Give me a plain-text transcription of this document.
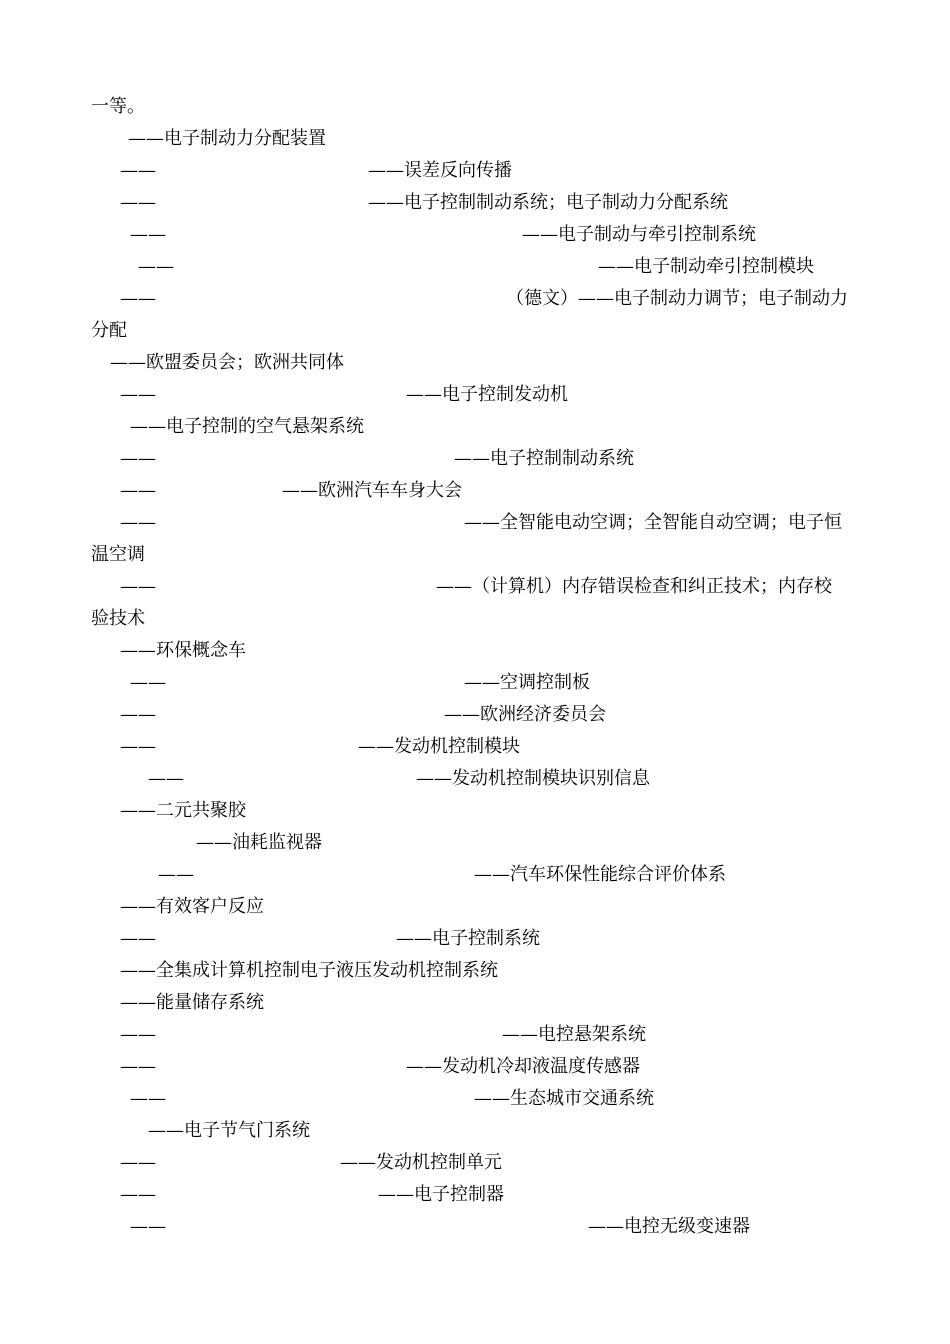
一等。
——电子制动力分配装置
——	——误差反向传播
——	——电子控制制动系统；电子制动力分配系统
——	——电子制动与牵引控制系统
——	——电子制动牵引控制模块
——	（德文）——电子制动力调节；电子制动力
分配
——欧盟委员会；欧洲共同体
——	——电子控制发动机
——电子控制的空气悬架系统
——	——电子控制制动系统
——	——欧洲汽车车身大会
——	——全智能电动空调；全智能自动空调；电子恒
温空调
——	——（计算机）内存错误检查和纠正技术；内存校
验技术
——环保概念车
——	——空调控制板
——	——欧洲经济委员会
——	——发动机控制模块
——	——发动机控制模块识别信息
——二元共聚胶
——油耗监视器
——	——汽车环保性能综合评价体系
——有效客户反应
——	——电子控制系统
——全集成计算机控制电子液压发动机控制系统
——能量储存系统
——	——电控悬架系统
——	——发动机冷却液温度传感器
——	——生态城市交通系统
——电子节气门系统
——	——发动机控制单元
——	——电子控制器
——	——电控无级变速器
